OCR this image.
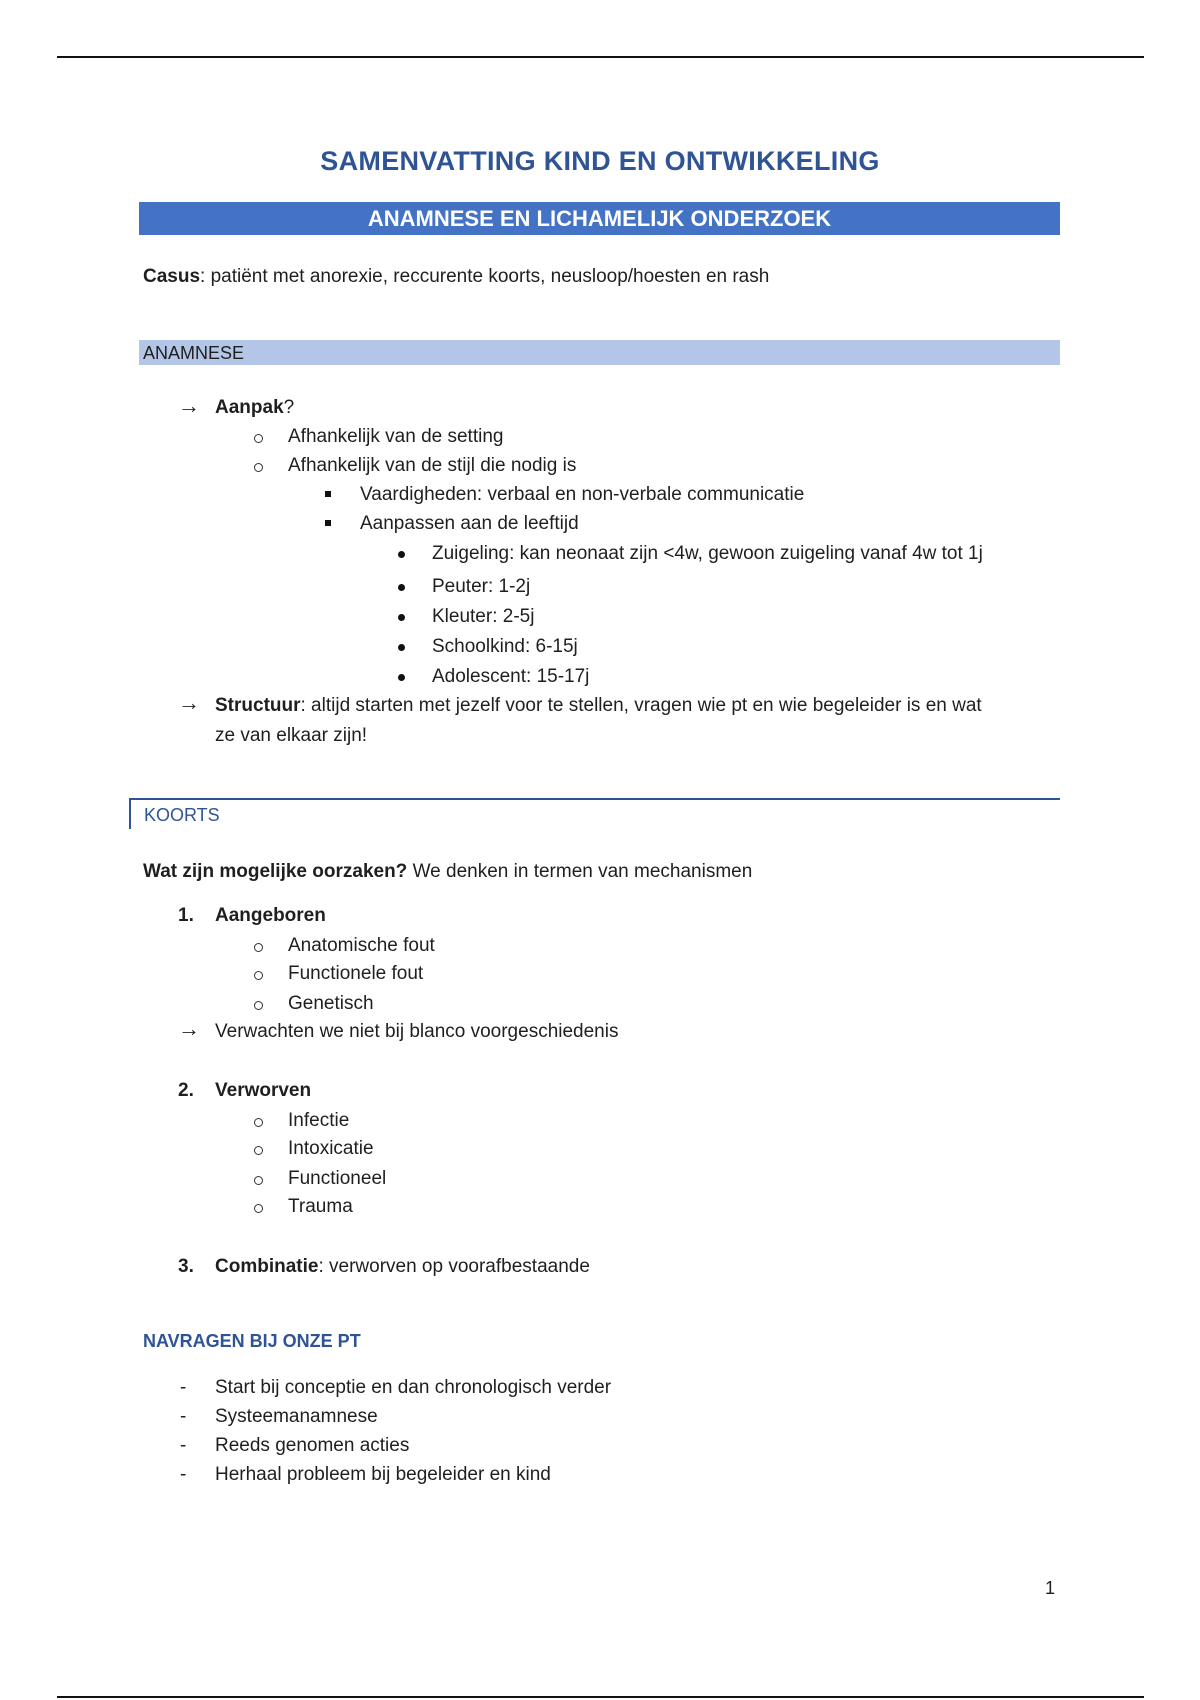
SAMENVATTING KIND EN ONTWIKKELING
ANAMNESE EN LICHAMELIJK ONDERZOEK
Casus: patiënt met anorexie, reccurente koorts, neusloop/hoesten en rash
ANAMNESE
→ Aanpak?
Afhankelijk van de setting
Afhankelijk van de stijl die nodig is
Vaardigheden: verbaal en non-verbale communicatie
Aanpassen aan de leeftijd
Zuigeling: kan neonaat zijn <4w, gewoon zuigeling vanaf 4w tot 1j
Peuter: 1-2j
Kleuter: 2-5j
Schoolkind: 6-15j
Adolescent: 15-17j
→ Structuur: altijd starten met jezelf voor te stellen, vragen wie pt en wie begeleider is en wat
ze van elkaar zijn!
KOORTS
Wat zijn mogelijke oorzaken? We denken in termen van mechanismen
1. Aangeboren
Anatomische fout
Functionele fout
Genetisch
→ Verwachten we niet bij blanco voorgeschiedenis
2. Verworven
Infectie
Intoxicatie
Functioneel
Trauma
3. Combinatie: verworven op voorafbestaande
NAVRAGEN BIJ ONZE PT
- Start bij conceptie en dan chronologisch verder
- Systeemanamnese
- Reeds genomen acties
- Herhaal probleem bij begeleider en kind
1
